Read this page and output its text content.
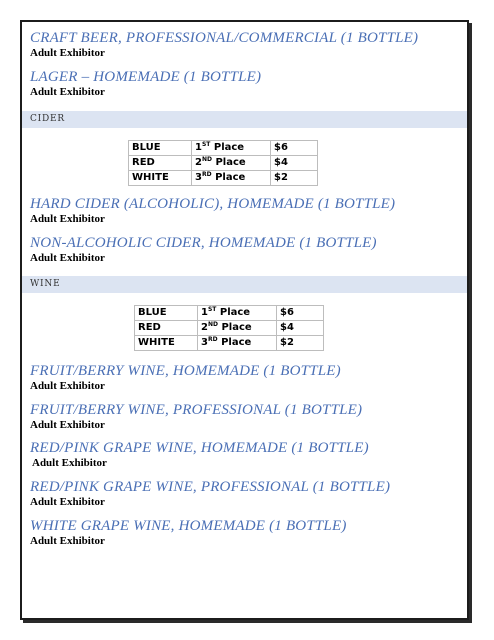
CRAFT BEER, PROFESSIONAL/COMMERCIAL (1 BOTTLE)
Adult Exhibitor
LAGER – HOMEMADE (1 BOTTLE)
Adult Exhibitor
CIDER
BLUE	1ST Place	$6
RED	2ND Place	$4
WHITE	3RD Place	$2
HARD CIDER (ALCOHOLIC), HOMEMADE (1 BOTTLE)
Adult Exhibitor
NON-ALCOHOLIC CIDER, HOMEMADE (1 BOTTLE)
Adult Exhibitor
WINE
BLUE	1ST Place	$6
RED	2ND Place	$4
WHITE	3RD Place	$2
FRUIT/BERRY WINE, HOMEMADE (1 BOTTLE)
Adult Exhibitor
FRUIT/BERRY WINE, PROFESSIONAL (1 BOTTLE)
Adult Exhibitor
RED/PINK GRAPE WINE, HOMEMADE (1 BOTTLE)
Adult Exhibitor
RED/PINK GRAPE WINE, PROFESSIONAL (1 BOTTLE)
Adult Exhibitor
WHITE GRAPE WINE, HOMEMADE (1 BOTTLE)
Adult Exhibitor
